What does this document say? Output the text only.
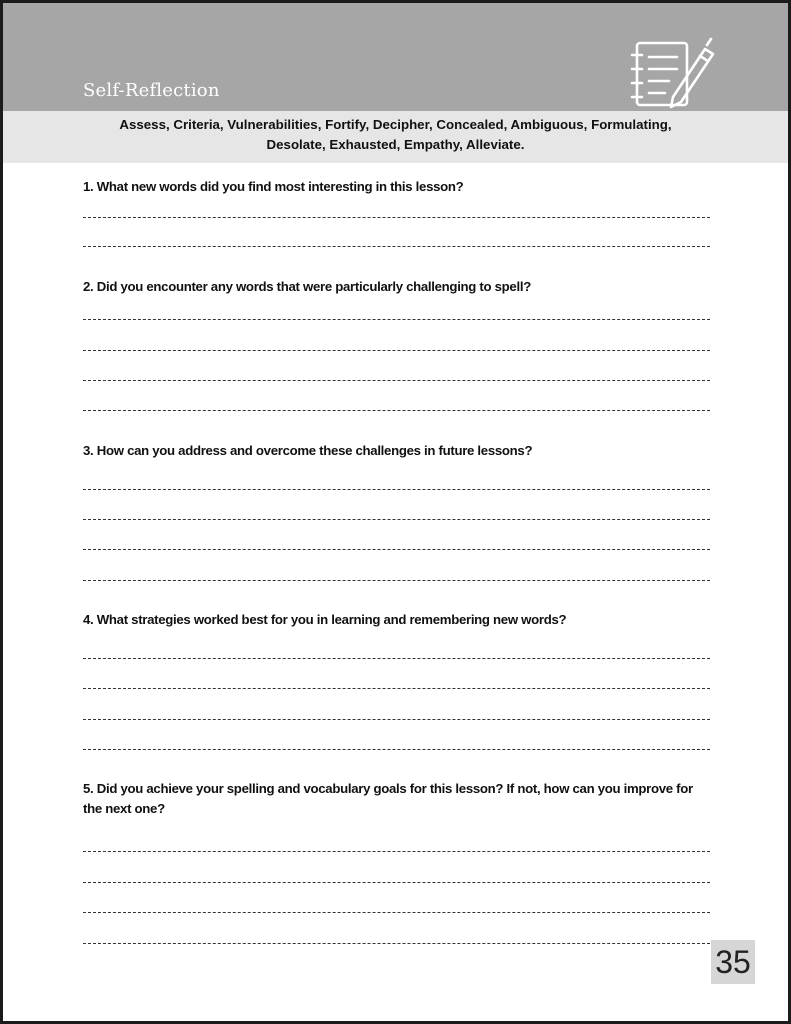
Self-Reflection
Assess, Criteria, Vulnerabilities, Fortify, Decipher, Concealed, Ambiguous, Formulating,
Desolate, Exhausted, Empathy, Alleviate.
1. What new words did you find most interesting in this lesson?
2. Did you encounter any words that were particularly challenging to spell?
3. How can you address and overcome these challenges in future lessons?
4. What strategies worked best for you in learning and remembering new words?
5. Did you achieve your spelling and vocabulary goals for this lesson? If not, how can you improve for the next one?
35
